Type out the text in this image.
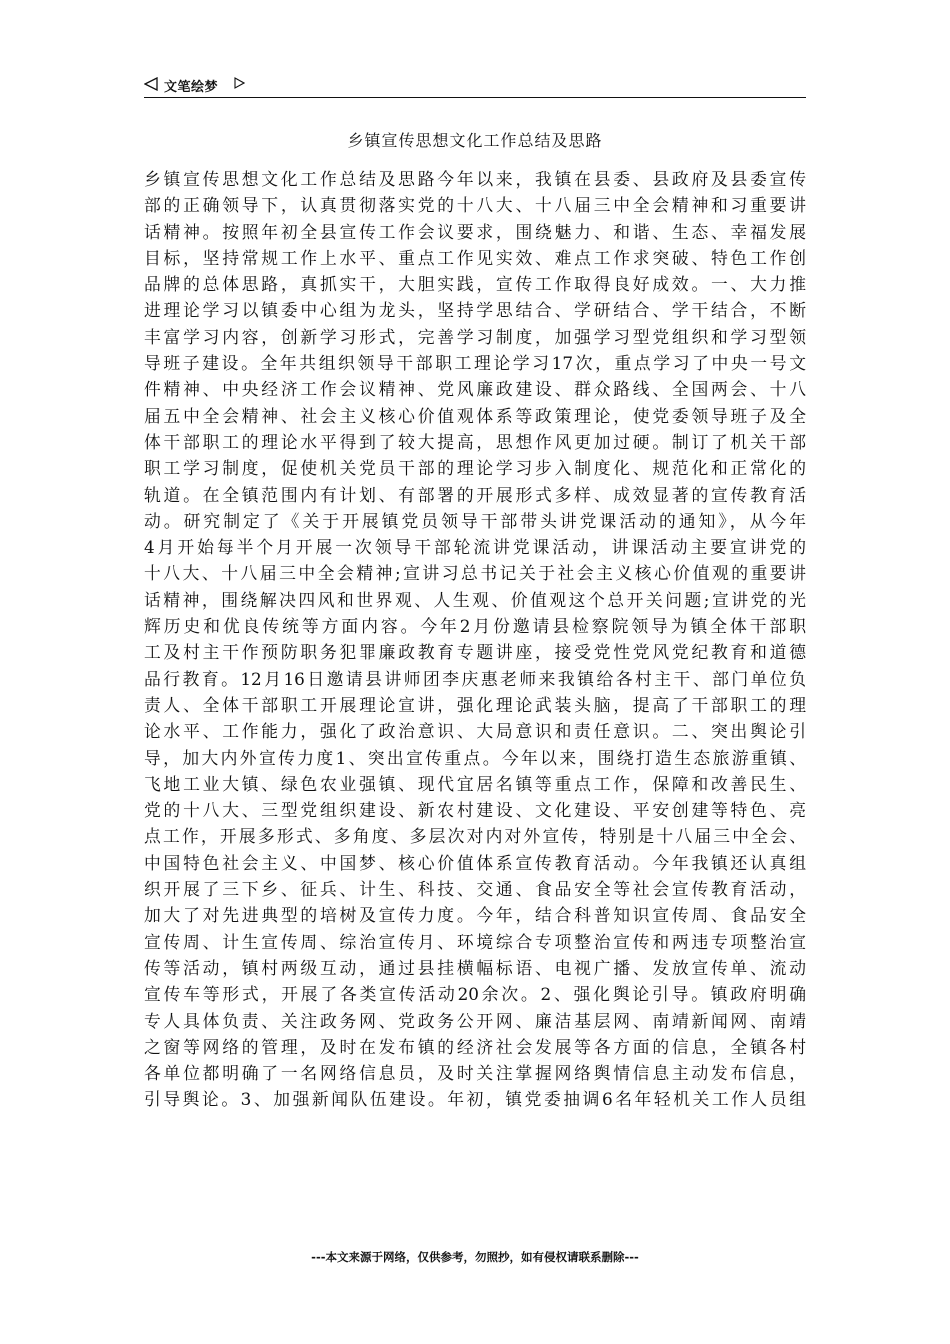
文笔绘梦
乡镇宣传思想文化工作总结及思路
乡镇宣传思想文化工作总结及思路今年以来，我镇在县委、县政府及县委宣传
部的正确领导下，认真贯彻落实党的十八大、十八届三中全会精神和习重要讲
话精神。按照年初全县宣传工作会议要求，围绕魅力、和谐、生态、幸福发展
目标，坚持常规工作上水平、重点工作见实效、难点工作求突破、特色工作创
品牌的总体思路，真抓实干，大胆实践，宣传工作取得良好成效。一、大力推
进理论学习以镇委中心组为龙头，坚持学思结合、学研结合、学干结合，不断
丰富学习内容，创新学习形式，完善学习制度，加强学习型党组织和学习型领
导班子建设。全年共组织领导干部职工理论学习17次，重点学习了中央一号文
件精神、中央经济工作会议精神、党风廉政建设、群众路线、全国两会、十八
届五中全会精神、社会主义核心价值观体系等政策理论，使党委领导班子及全
体干部职工的理论水平得到了较大提高，思想作风更加过硬。制订了机关干部
职工学习制度，促使机关党员干部的理论学习步入制度化、规范化和正常化的
轨道。在全镇范围内有计划、有部署的开展形式多样、成效显著的宣传教育活
动。研究制定了《关于开展镇党员领导干部带头讲党课活动的通知》，从今年
4月开始每半个月开展一次领导干部轮流讲党课活动，讲课活动主要宣讲党的
十八大、十八届三中全会精神;宣讲习总书记关于社会主义核心价值观的重要讲
话精神，围绕解决四风和世界观、人生观、价值观这个总开关问题;宣讲党的光
辉历史和优良传统等方面内容。今年2月份邀请县检察院领导为镇全体干部职
工及村主干作预防职务犯罪廉政教育专题讲座，接受党性党风党纪教育和道德
品行教育。12月16日邀请县讲师团李庆惠老师来我镇给各村主干、部门单位负
责人、全体干部职工开展理论宣讲，强化理论武装头脑，提高了干部职工的理
论水平、工作能力，强化了政治意识、大局意识和责任意识。二、突出舆论引
导，加大内外宣传力度1、突出宣传重点。今年以来，围绕打造生态旅游重镇、
飞地工业大镇、绿色农业强镇、现代宜居名镇等重点工作，保障和改善民生、
党的十八大、三型党组织建设、新农村建设、文化建设、平安创建等特色、亮
点工作，开展多形式、多角度、多层次对内对外宣传，特别是十八届三中全会、
中国特色社会主义、中国梦、核心价值体系宣传教育活动。今年我镇还认真组
织开展了三下乡、征兵、计生、科技、交通、食品安全等社会宣传教育活动，
加大了对先进典型的培树及宣传力度。今年，结合科普知识宣传周、食品安全
宣传周、计生宣传周、综治宣传月、环境综合专项整治宣传和两违专项整治宣
传等活动，镇村两级互动，通过县挂横幅标语、电视广播、发放宣传单、流动
宣传车等形式，开展了各类宣传活动20余次。2、强化舆论引导。镇政府明确
专人具体负责、关注政务网、党政务公开网、廉洁基层网、南靖新闻网、南靖
之窗等网络的管理，及时在发布镇的经济社会发展等各方面的信息，全镇各村
各单位都明确了一名网络信息员，及时关注掌握网络舆情信息主动发布信息，
引导舆论。3、加强新闻队伍建设。年初，镇党委抽调6名年轻机关工作人员组
---本文来源于网络，仅供参考，勿照抄，如有侵权请联系删除---
